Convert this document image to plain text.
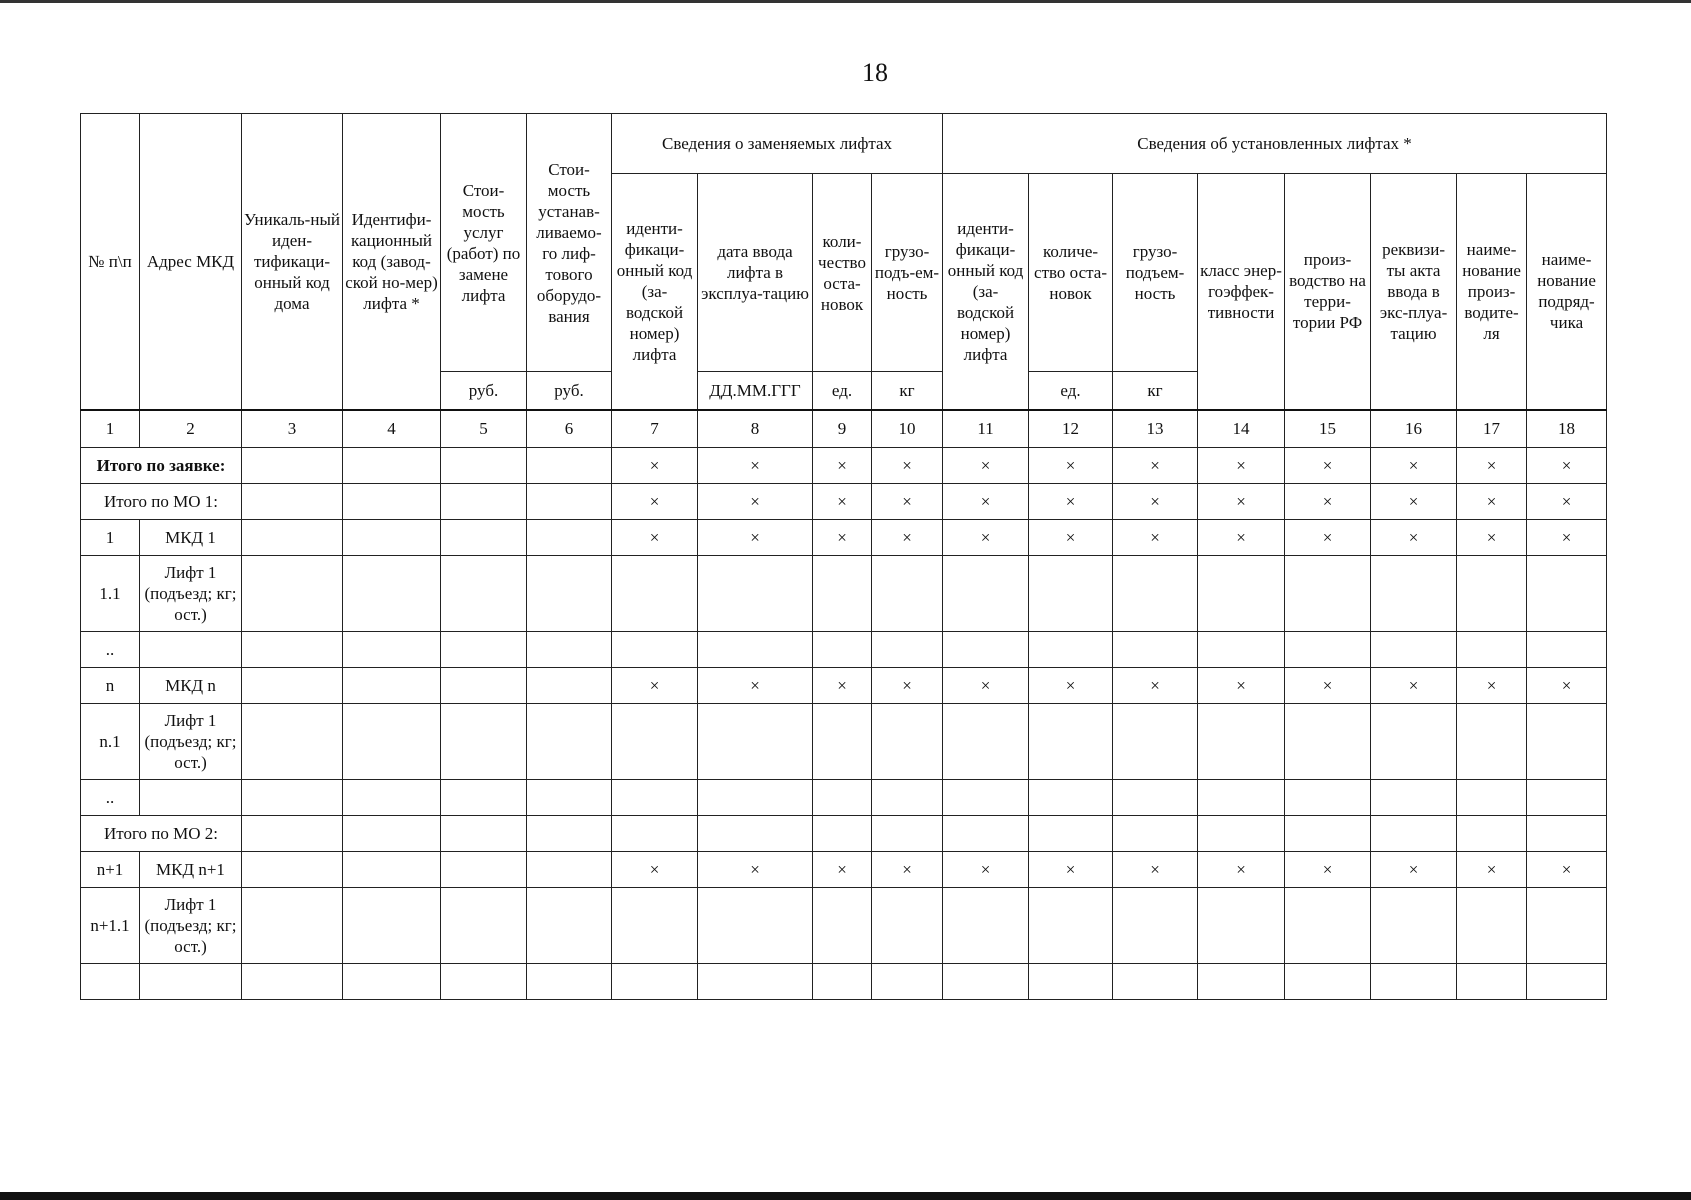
18
№ п\п	Адрес МКД	Уникаль-ный иден-тификаци-онный код дома	Идентифи-кационный код (завод-ской но-мер) лифта *	Стои-мость услуг (работ) по замене лифта	Стои-мость устанав-ливаемо-го лиф-тового оборудо-вания	Сведения о заменяемых лифтах				Сведения об установленных лифтах *							
						иденти-фикаци-онный код (за-водской номер) лифта	дата ввода лифта в эксплуа-тацию	коли-чество оста-новок	грузо-подъ-ем-ность	иденти-фикаци-онный код (за-водской номер) лифта	количе-ство оста-новок	грузо-подъем-ность	класс энер-гоэффек-тивности	произ-водство на терри-тории РФ	реквизи-ты акта ввода в экс-плуа-тацию	наиме-нование произ-водите-ля	наиме-нование подряд-чика
				руб.	руб.		ДД.ММ.ГГГ	ед.	кг		ед.	кг					
1	2	3	4	5	6	7	8	9	10	11	12	13	14	15	16	17	18
Итого по заявке:						×	×	×	×	×	×	×	×	×	×	×	×
Итого по МО 1:						×	×	×	×	×	×	×	×	×	×	×	×
1	МКД 1					×	×	×	×	×	×	×	×	×	×	×	×
1.1	Лифт 1 (подъезд; кг; ост.)																
..																	
n	МКД n					×	×	×	×	×	×	×	×	×	×	×	×
n.1	Лифт 1 (подъезд; кг; ост.)																
..																	
Итого по МО 2:																	
n+1	МКД n+1					×	×	×	×	×	×	×	×	×	×	×	×
n+1.1	Лифт 1 (подъезд; кг; ост.)																
